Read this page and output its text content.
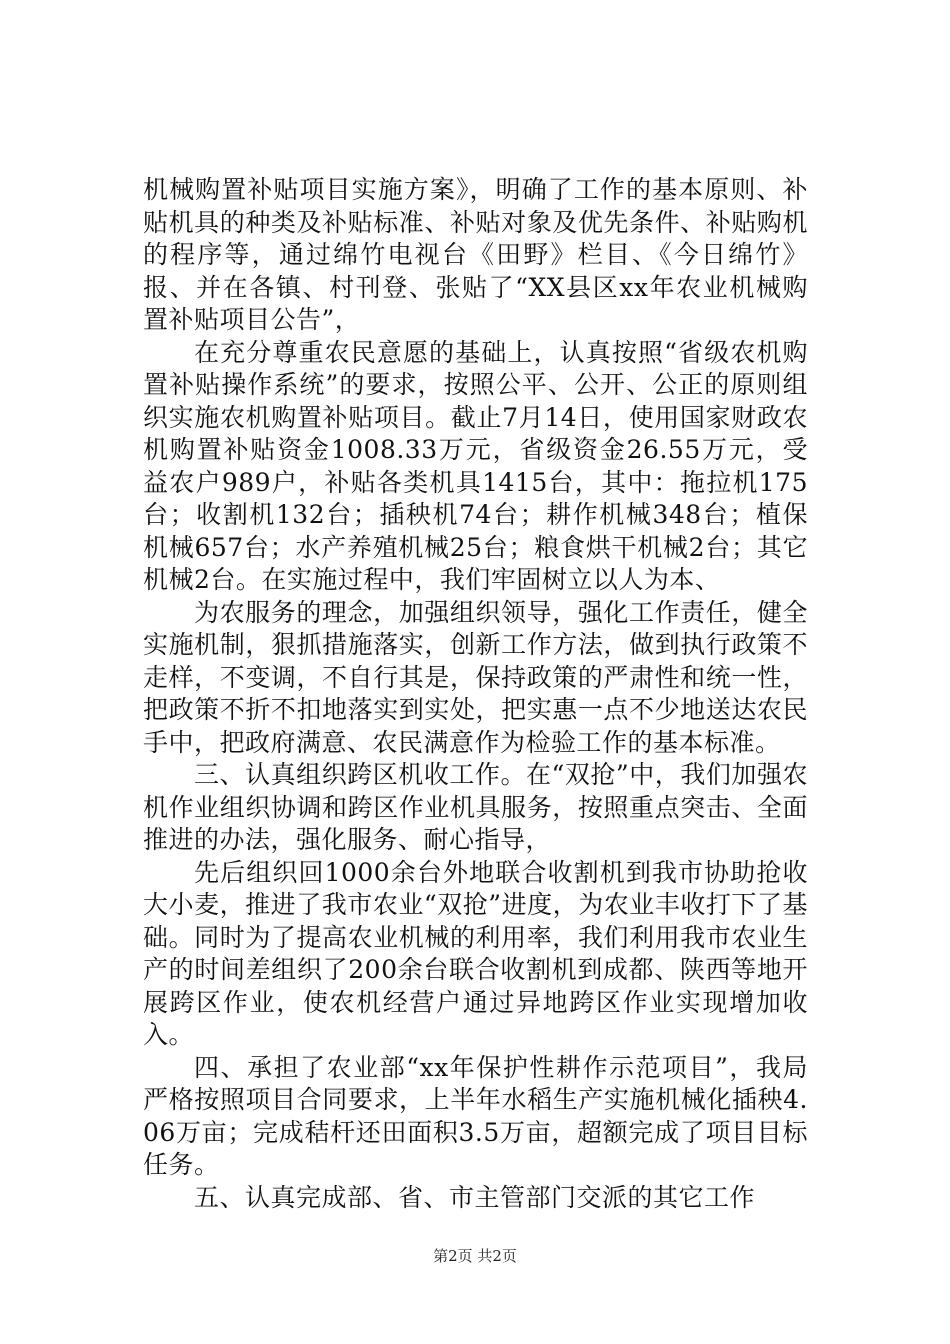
机械购置补贴项目实施方案》，明确了工作的基本原则、补贴机具的种类及补贴标准、补贴对象及优先条件、补贴购机的程序等，通过绵竹电视台《田野》栏目、《今日绵竹》报、并在各镇、村刊登、张贴了“XX县区xx年农业机械购置补贴项目公告”，

在充分尊重农民意愿的基础上，认真按照“省级农机购置补贴操作系统”的要求，按照公平、公开、公正的原则组织实施农机购置补贴项目。截止7月14日，使用国家财政农机购置补贴资金1008.33万元，省级资金26.55万元，受益农户989户，补贴各类机具1415台，其中：拖拉机175台；收割机132台；插秧机74台；耕作机械348台；植保机械657台；水产养殖机械25台；粮食烘干机械2台；其它机械2台。在实施过程中，我们牢固树立以人为本、

为农服务的理念，加强组织领导，强化工作责任，健全实施机制，狠抓措施落实，创新工作方法，做到执行政策不走样，不变调，不自行其是，保持政策的严肃性和统一性，把政策不折不扣地落实到实处，把实惠一点不少地送达农民手中，把政府满意、农民满意作为检验工作的基本标准。

三、认真组织跨区机收工作。在“双抢”中，我们加强农机作业组织协调和跨区作业机具服务，按照重点突击、全面推进的办法，强化服务、耐心指导，

先后组织回1000余台外地联合收割机到我市协助抢收大小麦，推进了我市农业“双抢”进度，为农业丰收打下了基础。同时为了提高农业机械的利用率，我们利用我市农业生产的时间差组织了200余台联合收割机到成都、陕西等地开展跨区作业，使农机经营户通过异地跨区作业实现增加收入。

四、承担了农业部“xx年保护性耕作示范项目”，我局严格按照项目合同要求，上半年水稻生产实施机械化插秧4.06万亩；完成秸杆还田面积3.5万亩，超额完成了项目目标任务。

五、认真完成部、省、市主管部门交派的其它工作

第2页 共2页
